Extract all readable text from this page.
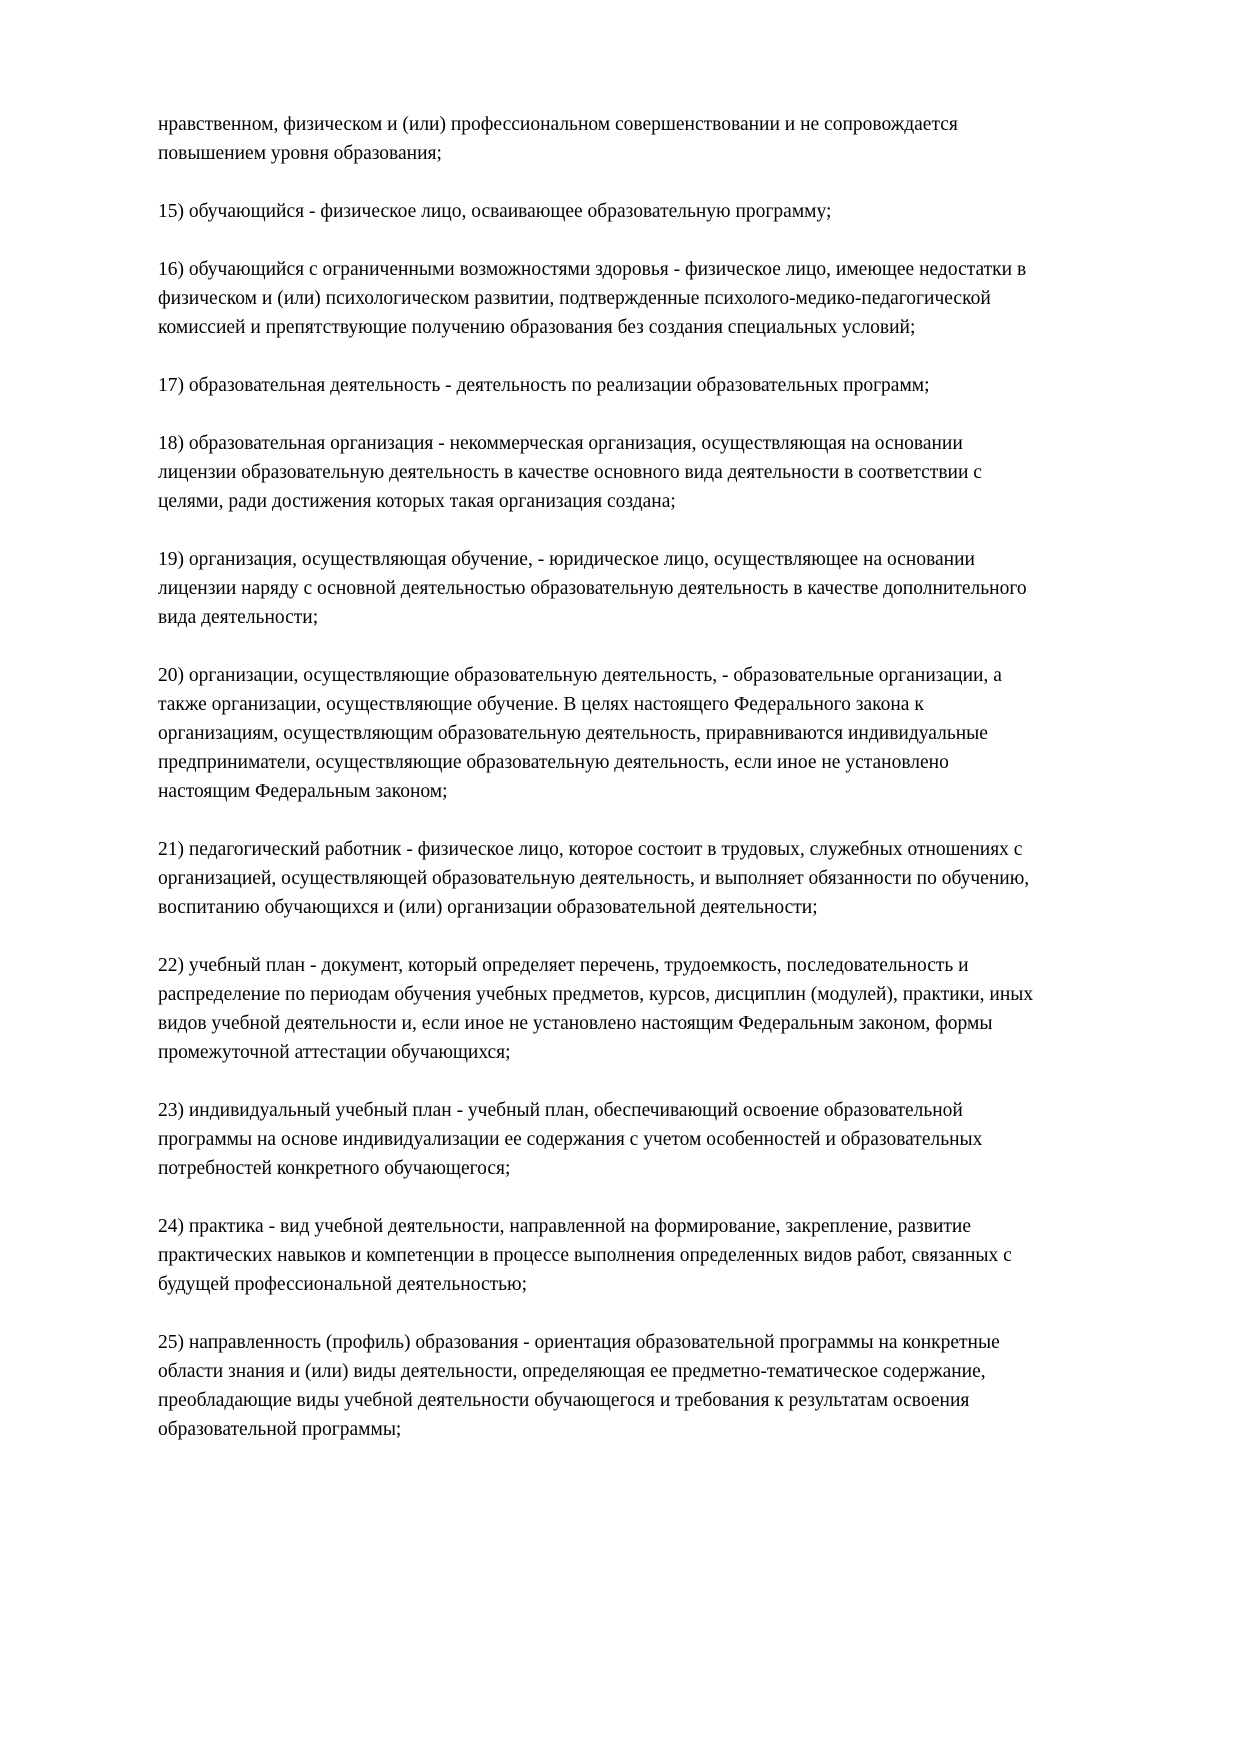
нравственном, физическом и (или) профессиональном совершенствовании и не сопровождается повышением уровня образования;

15) обучающийся - физическое лицо, осваивающее образовательную программу;

16) обучающийся с ограниченными возможностями здоровья - физическое лицо, имеющее недостатки в физическом и (или) психологическом развитии, подтвержденные психолого-медико-педагогической комиссией и препятствующие получению образования без создания специальных условий;

17) образовательная деятельность - деятельность по реализации образовательных программ;

18) образовательная организация - некоммерческая организация, осуществляющая на основании лицензии образовательную деятельность в качестве основного вида деятельности в соответствии с целями, ради достижения которых такая организация создана;

19) организация, осуществляющая обучение, - юридическое лицо, осуществляющее на основании лицензии наряду с основной деятельностью образовательную деятельность в качестве дополнительного вида деятельности;

20) организации, осуществляющие образовательную деятельность, - образовательные организации, а также организации, осуществляющие обучение. В целях настоящего Федерального закона к организациям, осуществляющим образовательную деятельность, приравниваются индивидуальные предприниматели, осуществляющие образовательную деятельность, если иное не установлено настоящим Федеральным законом;

21) педагогический работник - физическое лицо, которое состоит в трудовых, служебных отношениях с организацией, осуществляющей образовательную деятельность, и выполняет обязанности по обучению, воспитанию обучающихся и (или) организации образовательной деятельности;

22) учебный план - документ, который определяет перечень, трудоемкость, последовательность и распределение по периодам обучения учебных предметов, курсов, дисциплин (модулей), практики, иных видов учебной деятельности и, если иное не установлено настоящим Федеральным законом, формы промежуточной аттестации обучающихся;

23) индивидуальный учебный план - учебный план, обеспечивающий освоение образовательной программы на основе индивидуализации ее содержания с учетом особенностей и образовательных потребностей конкретного обучающегося;

24) практика - вид учебной деятельности, направленной на формирование, закрепление, развитие практических навыков и компетенции в процессе выполнения определенных видов работ, связанных с будущей профессиональной деятельностью;

25) направленность (профиль) образования - ориентация образовательной программы на конкретные области знания и (или) виды деятельности, определяющая ее предметно-тематическое содержание, преобладающие виды учебной деятельности обучающегося и требования к результатам освоения образовательной программы;
